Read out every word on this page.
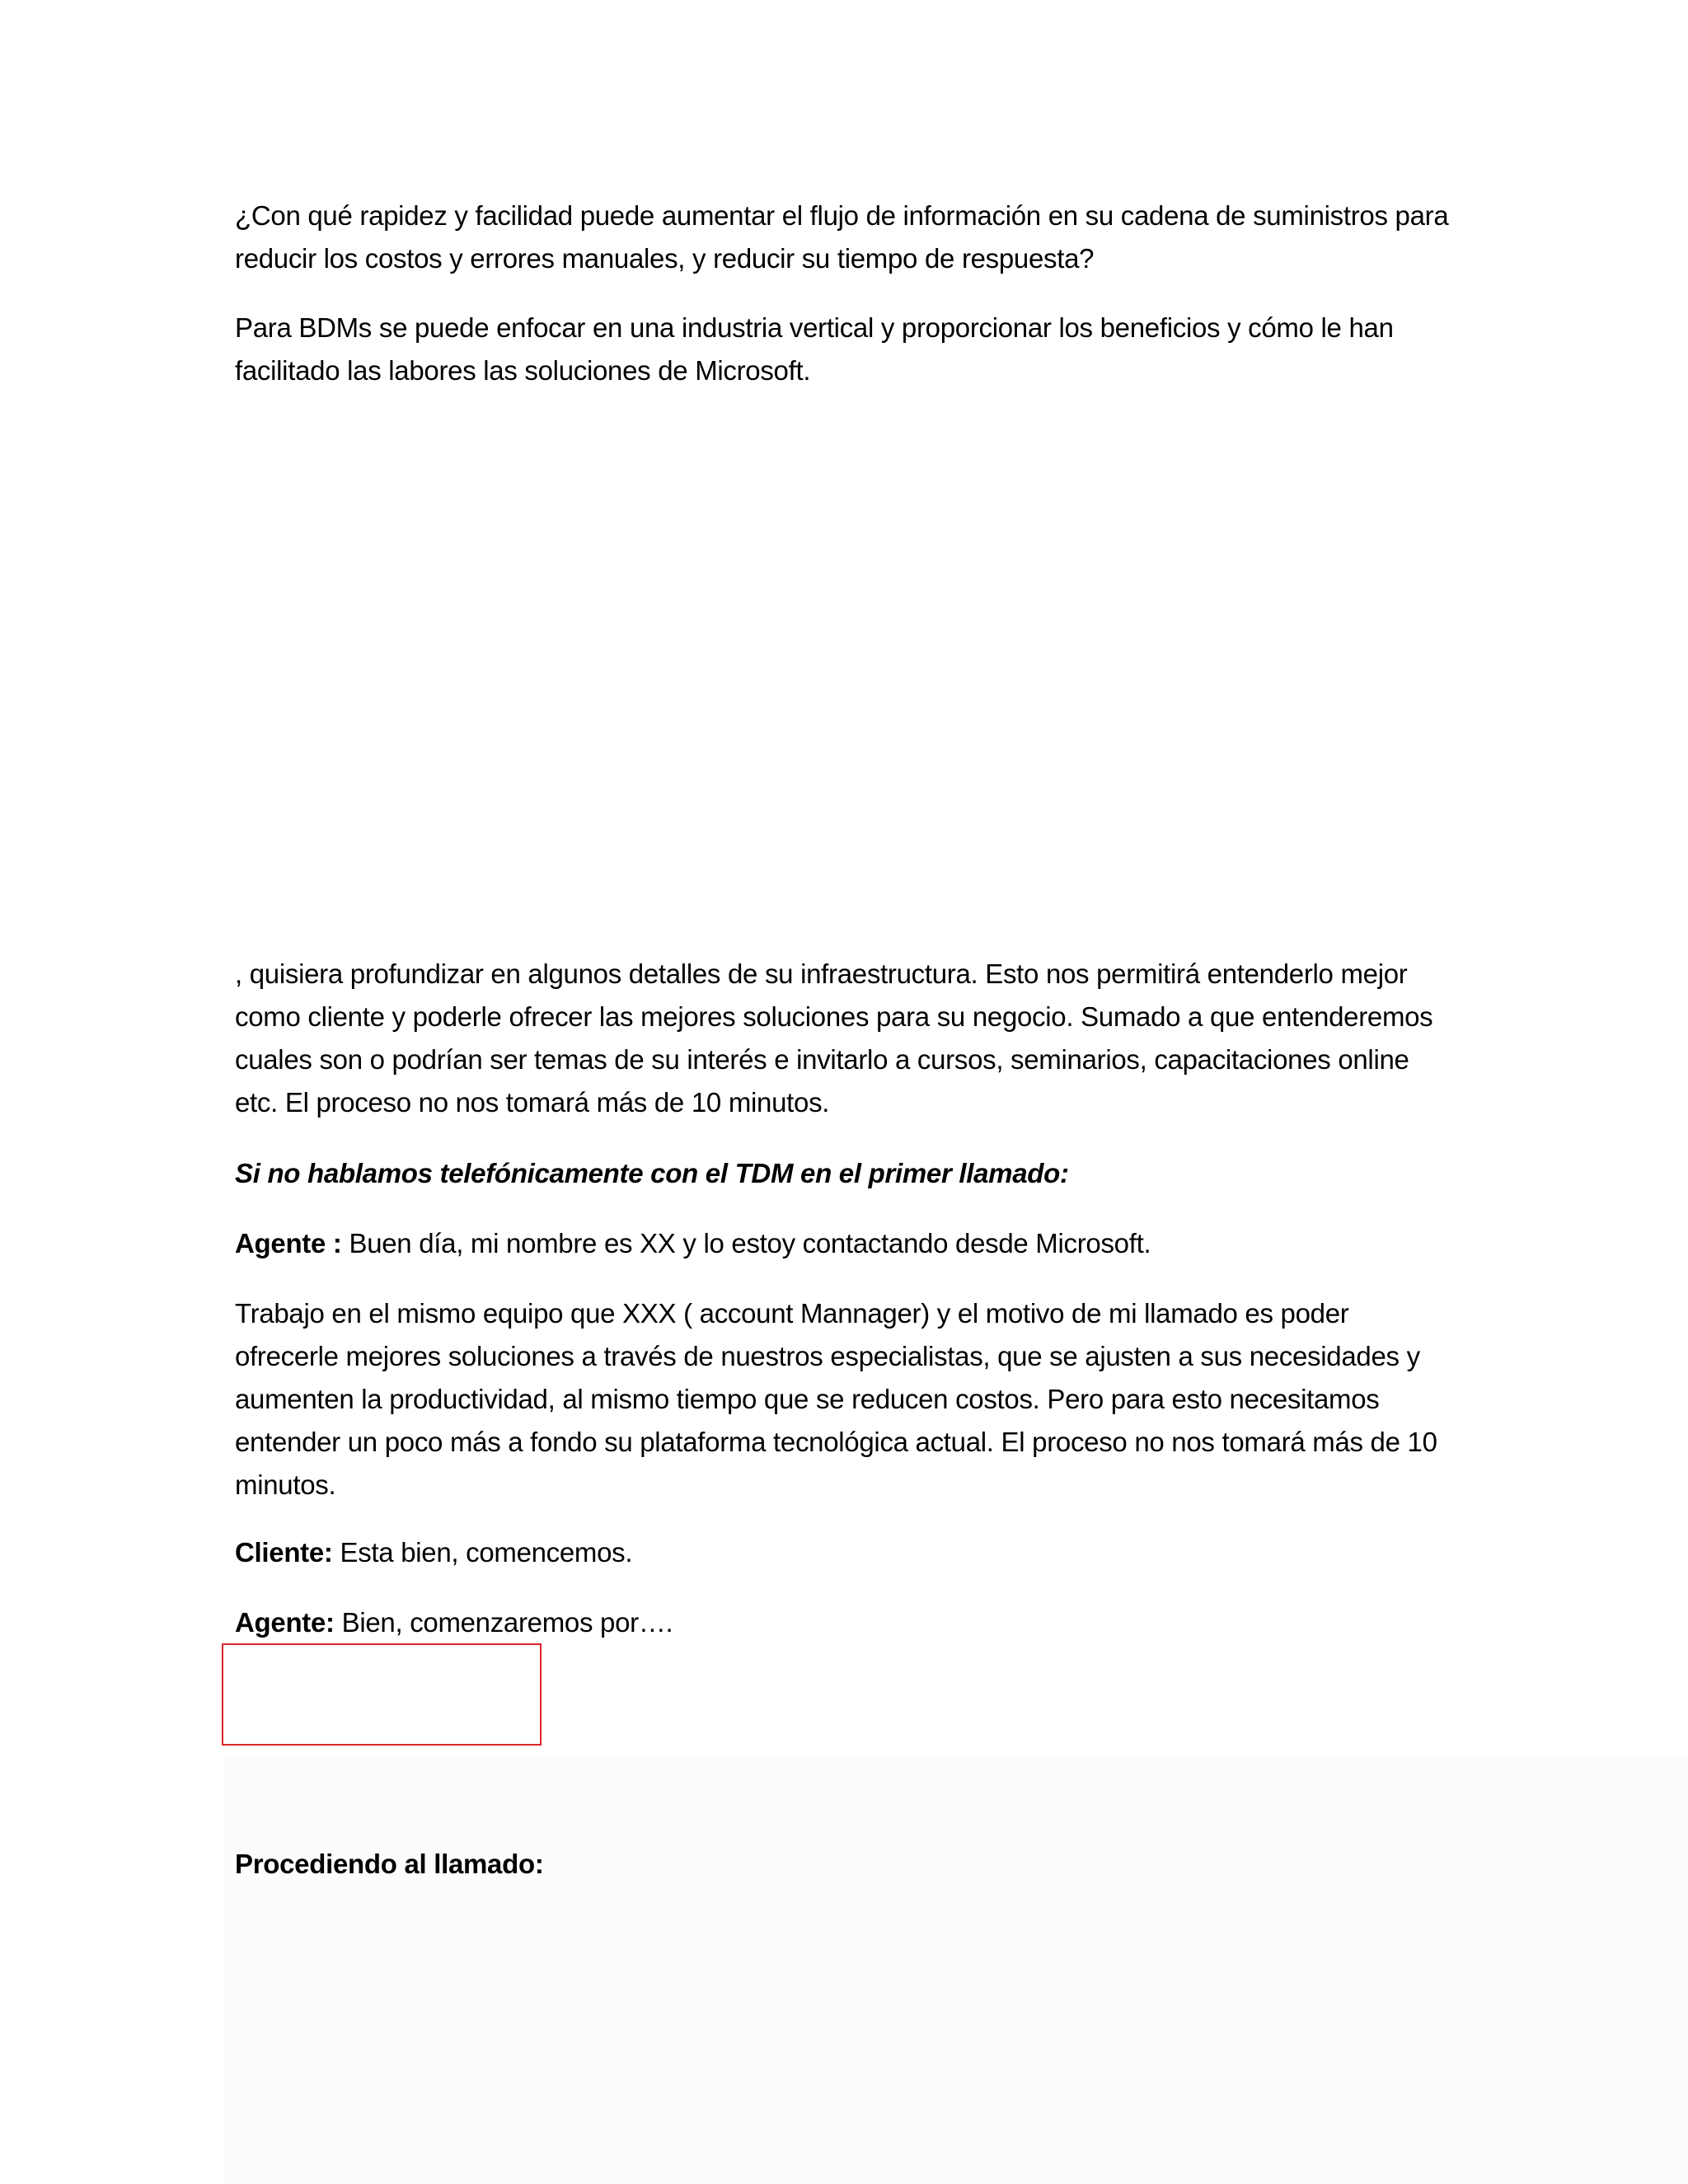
¿Con qué rapidez y facilidad puede aumentar el flujo de información en su cadena de suministros para reducir los costos y errores manuales, y reducir su tiempo de respuesta?

Para BDMs se puede enfocar en una industria vertical y proporcionar los beneficios y cómo le han facilitado las labores las soluciones de Microsoft.

, quisiera profundizar en algunos detalles de su infraestructura. Esto nos permitirá entenderlo mejor como cliente y poderle ofrecer las mejores soluciones para su negocio. Sumado a que entenderemos cuales son o podrían ser temas de su interés e invitarlo a cursos, seminarios, capacitaciones online etc. El proceso no nos tomará más de 10 minutos.

Si no hablamos telefónicamente con el TDM en el primer llamado:

Agente : Buen día, mi nombre es XX y lo estoy contactando desde Microsoft.

Trabajo en el mismo equipo que XXX ( account Mannager) y el motivo de mi llamado es poder ofrecerle mejores soluciones a través de nuestros especialistas, que se ajusten a sus necesidades y aumenten la productividad, al mismo tiempo que se reducen costos. Pero para esto necesitamos entender un poco más a fondo su plataforma tecnológica actual. El proceso no nos tomará más de 10 minutos.

Cliente: Esta bien, comencemos.

Agente: Bien, comenzaremos por….

Procediendo al llamado:
